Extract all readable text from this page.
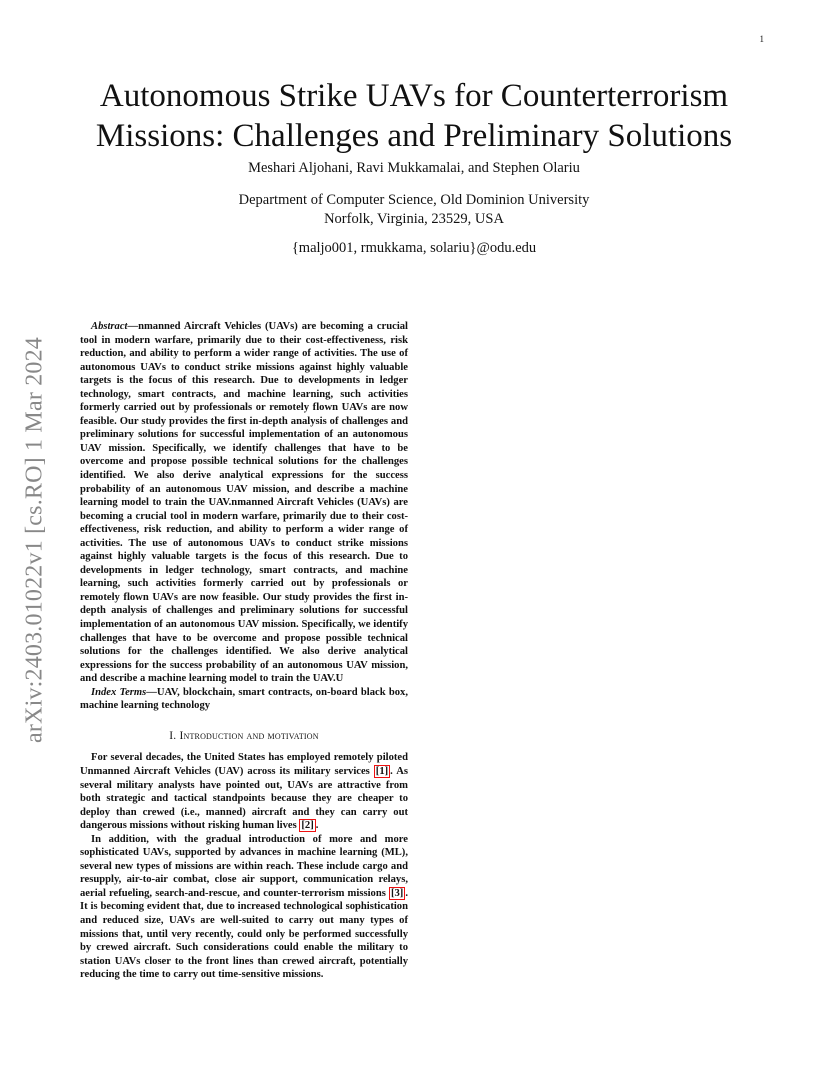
1
arXiv:2403.01022v1 [cs.RO] 1 Mar 2024
Autonomous Strike UAVs for Counterterrorism Missions: Challenges and Preliminary Solutions
Meshari Aljohani, Ravi Mukkamalai, and Stephen Olariu
Department of Computer Science, Old Dominion University
Norfolk, Virginia, 23529, USA
{maljo001, rmukkama, solariu}@odu.edu

Abstract—nmanned Aircraft Vehicles (UAVs) are becoming a crucial tool in modern warfare, primarily due to their cost-effectiveness, risk reduction, and ability to perform a wider range of activities. The use of autonomous UAVs to conduct strike missions against highly valuable targets is the focus of this research. Due to developments in ledger technology, smart contracts, and machine learning, such activities formerly carried out by professionals or remotely flown UAVs are now feasible. Our study provides the first in-depth analysis of challenges and preliminary solutions for successful implementation of an autonomous UAV mission. Specifically, we identify challenges that have to be overcome and propose possible technical solutions for the challenges identified. We also derive analytical expressions for the success probability of an autonomous UAV mission, and describe a machine learning model to train the UAV.nmanned Aircraft Vehicles (UAVs) are becoming a crucial tool in modern warfare, primarily due to their cost-effectiveness, risk reduction, and ability to perform a wider range of activities. The use of autonomous UAVs to conduct strike missions against highly valuable targets is the focus of this research. Due to developments in ledger technology, smart contracts, and machine learning, such activities formerly carried out by professionals or remotely flown UAVs are now feasible. Our study provides the first in-depth analysis of challenges and preliminary solutions for successful implementation of an autonomous UAV mission. Specifically, we identify challenges that have to be overcome and propose possible technical solutions for the challenges identified. We also derive analytical expressions for the success probability of an autonomous UAV mission, and describe a machine learning model to train the UAV.U

Index Terms—UAV, blockchain, smart contracts, on-board black box, machine learning technology

I. Introduction and motivation

For several decades, the United States has employed remotely piloted Unmanned Aircraft Vehicles (UAV) across its military services [1] . As several military analysts have pointed out, UAVs are attractive from both strategic and tactical standpoints because they are cheaper to deploy than crewed (i.e., manned) aircraft and they can carry out dangerous missions without risking human lives [2] .

In addition, with the gradual introduction of more and more sophisticated UAVs, supported by advances in machine learning (ML), several new types of missions are within reach. These include cargo and resupply, air-to-air combat, close air support, communication relays, aerial refueling, search-and-rescue, and counter-terrorism missions [3] . It is becoming evident that, due to increased technological sophistication and reduced size, UAVs are well-suited to carry out many types of missions that, until very recently, could only be performed successfully by crewed aircraft. Such considerations could enable the military to station UAVs closer to the front lines than crewed aircraft, potentially reducing the time to carry out time-sensitive missions.
